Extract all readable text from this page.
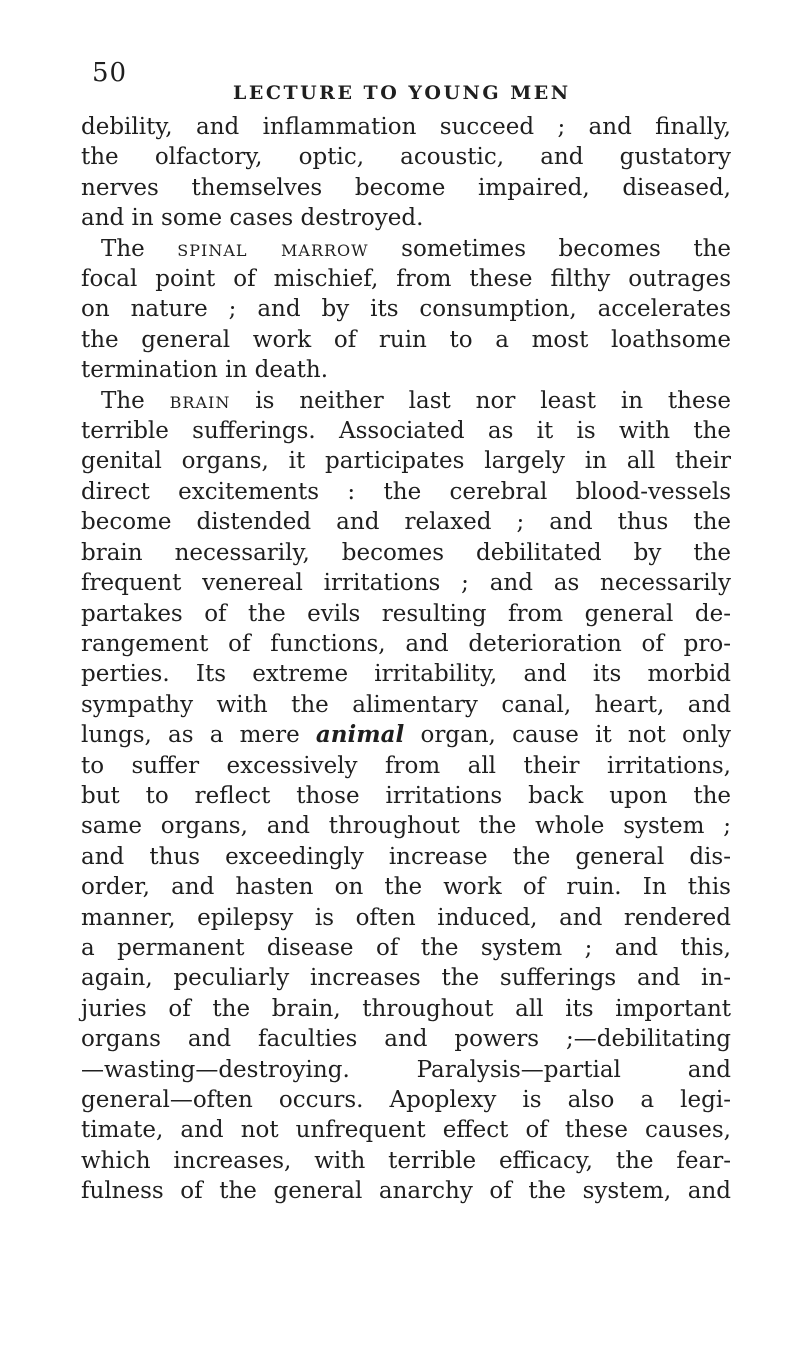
50
LECTURE TO YOUNG MEN
debility, and inflammation succeed ; and finally,
the olfactory, optic, acoustic, and gustatory
nerves themselves become impaired, diseased,
and in some cases destroyed.
The spinal marrow sometimes becomes the
focal point of mischief, from these filthy outrages
on nature ; and by its consumption, accelerates
the general work of ruin to a most loathsome
termination in death.
The brain is neither last nor least in these
terrible sufferings. Associated as it is with the
genital organs, it participates largely in all their
direct excitements : the cerebral blood-vessels
become distended and relaxed ; and thus the
brain necessarily, becomes debilitated by the
frequent venereal irritations ; and as necessarily
partakes of the evils resulting from general de-
rangement of functions, and deterioration of pro-
perties. Its extreme irritability, and its morbid
sympathy with the alimentary canal, heart, and
lungs, as a mere animal organ, cause it not only
to suffer excessively from all their irritations,
but to reflect those irritations back upon the
same organs, and throughout the whole system ;
and thus exceedingly increase the general dis-
order, and hasten on the work of ruin. In this
manner, epilepsy is often induced, and rendered
a permanent disease of the system ; and this,
again, peculiarly increases the sufferings and in-
juries of the brain, throughout all its important
organs and faculties and powers ;—debilitating
—wasting—destroying. Paralysis—partial and
general—often occurs. Apoplexy is also a legi-
timate, and not unfrequent effect of these causes,
which increases, with terrible efficacy, the fear-
fulness of the general anarchy of the system, and
